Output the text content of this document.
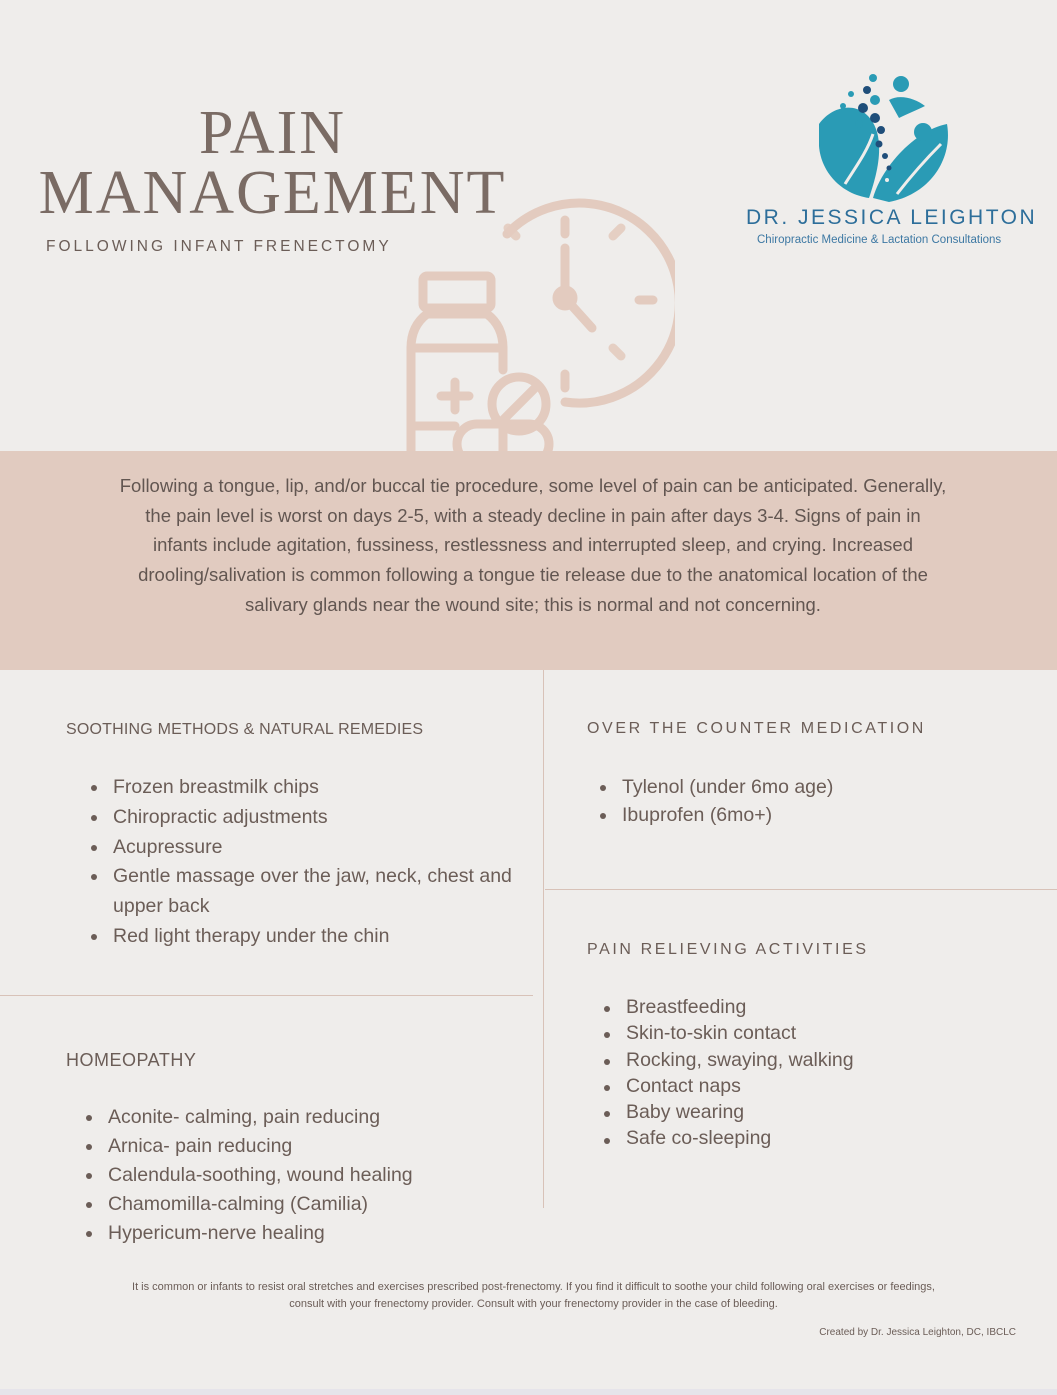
PAIN
MANAGEMENT
FOLLOWING INFANT FRENECTOMY
DR. JESSICA LEIGHTON
Chiropractic Medicine & Lactation Consultations

Following a tongue, lip, and/or buccal tie procedure, some level of pain can be anticipated. Generally, the pain level is worst on days 2-5, with a steady decline in pain after days 3-4. Signs of pain in infants include agitation, fussiness, restlessness and interrupted sleep, and crying. Increased drooling/salivation is common following a tongue tie release due to the anatomical location of the salivary glands near the wound site; this is normal and not concerning.

SOOTHING METHODS & NATURAL REMEDIES
Frozen breastmilk chips
Chiropractic adjustments
Acupressure
Gentle massage over the jaw, neck, chest and upper back
Red light therapy under the chin
HOMEOPATHY
Aconite- calming, pain reducing
Arnica- pain reducing
Calendula-soothing, wound healing
Chamomilla-calming (Camilia)
Hypericum-nerve healing
OVER THE COUNTER MEDICATION
Tylenol (under 6mo age)
Ibuprofen (6mo+)
PAIN RELIEVING ACTIVITIES
Breastfeeding
Skin-to-skin contact
Rocking, swaying, walking
Contact naps
Baby wearing
Safe co-sleeping

It is common or infants to resist oral stretches and exercises prescribed post-frenectomy. If you find it difficult to soothe your child following oral exercises or feedings, consult with your frenectomy provider. Consult with your frenectomy provider in the case of bleeding.

Created by Dr. Jessica Leighton, DC, IBCLC
